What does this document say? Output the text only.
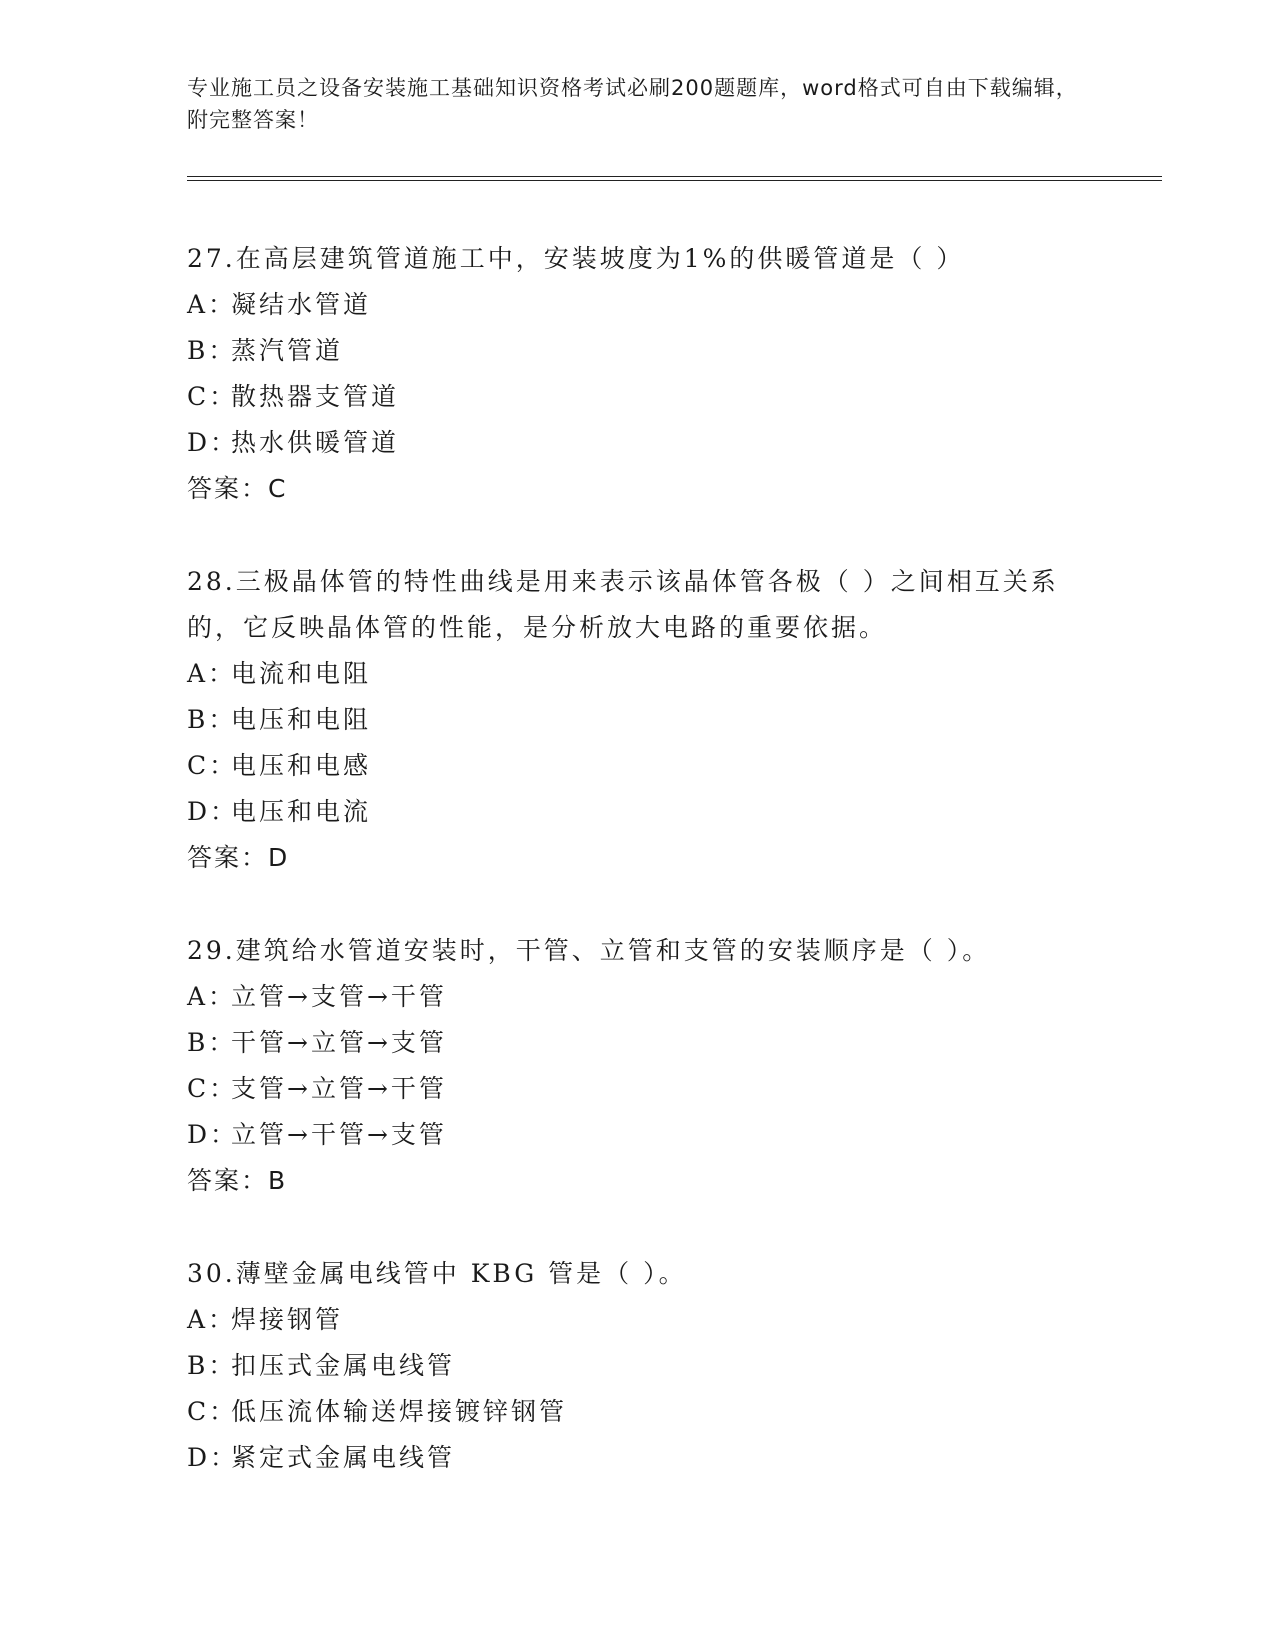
专业施工员之设备安装施工基础知识资格考试必刷200题题库，word格式可自由下载编辑，附完整答案！
27.在高层建筑管道施工中，安装坡度为1%的供暖管道是（ ）
A：凝结水管道
B：蒸汽管道
C：散热器支管道
D：热水供暖管道
答案：C
28.三极晶体管的特性曲线是用来表示该晶体管各极（ ）之间相互关系的，它反映晶体管的性能，是分析放大电路的重要依据。
A：电流和电阻
B：电压和电阻
C：电压和电感
D：电压和电流
答案：D
29.建筑给水管道安装时，干管、立管和支管的安装顺序是（ ）。
A：立管→支管→干管
B：干管→立管→支管
C：支管→立管→干管
D：立管→干管→支管
答案：B
30.薄壁金属电线管中 KBG 管是（ ）。
A：焊接钢管
B：扣压式金属电线管
C：低压流体输送焊接镀锌钢管
D：紧定式金属电线管
